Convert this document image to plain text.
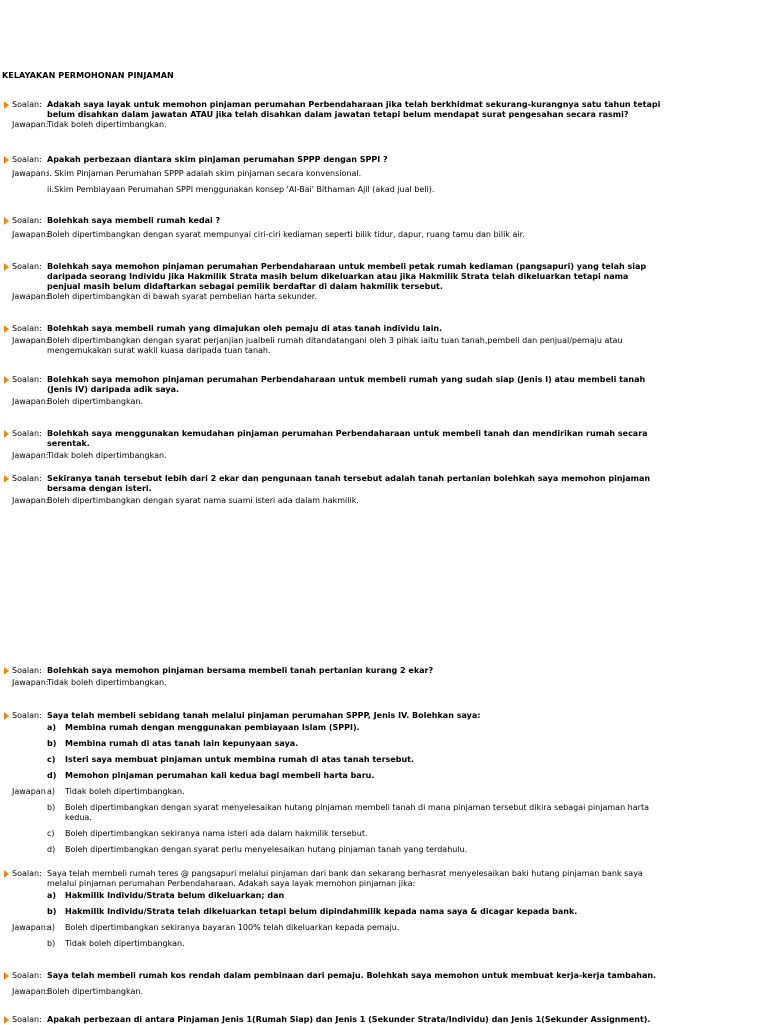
KELAYAKAN PERMOHONAN PINJAMAN
Soalan: Adakah saya layak untuk memohon pinjaman perumahan Perbendaharaan jika telah berkhidmat sekurang-kurangnya satu tahun tetapi belum disahkan dalam jawatan ATAU jika telah disahkan dalam jawatan tetapi belum mendapat surat pengesahan secara rasmi?
Jawapan:
Tidak boleh dipertimbangkan.
Soalan: Apakah perbezaan diantara skim pinjaman perumahan SPPP dengan SPPI ?
Jawapan:
i. Skim Pinjaman Perumahan SPPP adalah skim pinjaman secara konvensional.
ii.Skim Pembiayaan Perumahan SPPI menggunakan konsep 'Al-Bai' Bithaman Ajil (akad jual beli).
Soalan: Bolehkah saya membeli rumah kedai ?
Jawapan:
Boleh dipertimbangkan dengan syarat mempunyai ciri-ciri kediaman seperti bilik tidur, dapur, ruang tamu dan bilik air.
Soalan: Bolehkah saya memohon pinjaman perumahan Perbendaharaan untuk membeli petak rumah kediaman (pangsapuri) yang telah siap daripada seorang Individu jika Hakmilik Strata masih belum dikeluarkan atau jika Hakmilik Strata telah dikeluarkan tetapi nama penjual masih belum didaftarkan sebagai pemilik berdaftar di dalam hakmilik tersebut.
Jawapan:
Boleh dipertimbangkan di bawah syarat pembelian harta sekunder.
Soalan: Bolehkah saya membeli rumah yang dimajukan oleh pemaju di atas tanah individu lain.
Jawapan:
Boleh dipertimbangkan dengan syarat perjanjian jualbeli rumah ditandatangani oleh 3 pihak iaitu tuan tanah,pembeli dan penjual/pemaju atau mengemukakan surat wakil kuasa daripada tuan tanah.
Soalan: Bolehkah saya memohon pinjaman perumahan Perbendaharaan untuk membeli rumah yang sudah siap (Jenis I) atau membeli tanah (Jenis IV) daripada adik saya.
Jawapan:
Boleh dipertimbangkan.
Soalan: Bolehkah saya menggunakan kemudahan pinjaman perumahan Perbendaharaan untuk membeli tanah dan mendirikan rumah secara serentak.
Jawapan:
Tidak boleh dipertimbangkan.
Soalan: Sekiranya tanah tersebut lebih dari 2 ekar dan pengunaan tanah tersebut adalah tanah pertanian bolehkah saya memohon pinjaman bersama dengan isteri.
Jawapan:
Boleh dipertimbangkan dengan syarat nama suami isteri ada dalam hakmilik.
Soalan: Bolehkah saya memohon pinjaman bersama membeli tanah pertanian kurang 2 ekar?
Jawapan:
Tidak boleh dipertimbangkan.
Soalan: Saya telah membeli sebidang tanah melalui pinjaman perumahan SPPP, Jenis IV. Bolehkan saya:
a) Membina rumah dengan menggunakan pembiayaan Islam (SPPI).
b) Membina rumah di atas tanah lain kepunyaan saya.
c) Isteri saya membuat pinjaman untuk membina rumah di atas tanah tersebut.
d) Memohon pinjaman perumahan kali kedua bagi membeli harta baru.
Jawapan a) Tidak boleh dipertimbangkan.
b) Boleh dipertimbangkan dengan syarat menyelesaikan hutang pinjaman membeli tanah di mana pinjaman tersebut dikira sebagai pinjaman harta kedua.
c) Boleh dipertimbangkan sekiranya nama isteri ada dalam hakmilik tersebut.
d) Boleh dipertimbangkan dengan syarat perlu menyelesaikan hutang pinjaman tanah yang terdahulu.
Soalan: Saya telah membeli rumah teres @ pangsapuri melalui pinjaman dari bank dan sekarang berhasrat menyelesaikan baki hutang pinjaman bank saya melalui pinjaman perumahan Perbendaharaan. Adakah saya layak memohon pinjaman jika:
a) Hakmilik Individu/Strata belum dikeluarkan; dan
b) Hakmilik Individu/Strata telah dikeluarkan tetapi belum dipindahmilik kepada nama saya & dicagar kepada bank.
Jawapan:
a) Boleh dipertimbangkan sekiranya bayaran 100% telah dikeluarkan kepada pemaju.
b) Tidak boleh dipertimbangkan.
Soalan: Saya telah membeli rumah kos rendah dalam pembinaan dari pemaju. Bolehkah saya memohon untuk membuat kerja-kerja tambahan.
Jawapan:
Boleh dipertimbangkan.
Soalan: Apakah perbezaan di antara Pinjaman Jenis 1(Rumah Siap) dan Jenis 1 (Sekunder Strata/Individu) dan Jenis 1(Sekunder Assignment).
